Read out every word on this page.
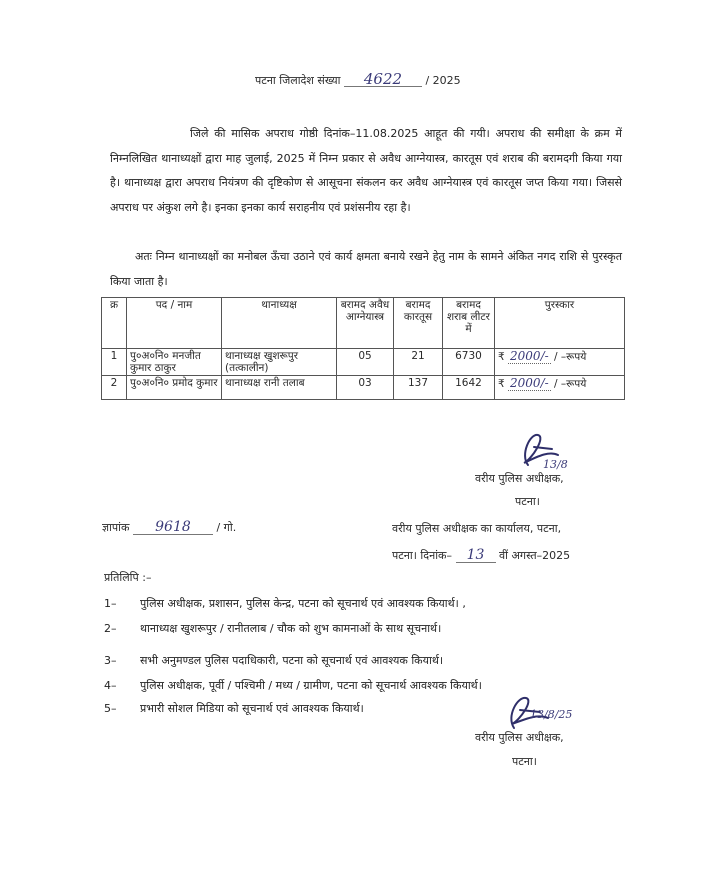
पटना जिलादेश संख्या 4622 / 2025
जिले की मासिक अपराध गोष्ठी दिनांक–11.08.2025 आहूत की गयी। अपराध की समीक्षा के क्रम में निम्नलिखित थानाध्यक्षों द्वारा माह जुलाई, 2025 में निम्न प्रकार से अवैध आग्नेयास्त्र, कारतूस एवं शराब की बरामदगी किया गया है। थानाध्यक्ष द्वारा अपराध नियंत्रण की दृष्टिकोण से आसूचना संकलन कर अवैध आग्नेयास्त्र एवं कारतूस जप्त किया गया। जिससे अपराध पर अंकुश लगे है। इनका इनका कार्य सराहनीय एवं प्रशंसनीय रहा है।
अतः निम्न थानाध्यक्षों का मनोबल ऊँचा उठाने एवं कार्य क्षमता बनाये रखने हेतु नाम के सामने अंकित नगद राशि से पुरस्कृत किया जाता है।
क्र	पद / नाम	थानाध्यक्ष	बरामद अवैध आग्नेयास्त्र	बरामद कारतूस	बरामद शराब लीटर में	पुरस्कार
1	पु०अ०नि० मनजीत कुमार ठाकुर	थानाध्यक्ष खुशरूपुर (तत्कालीन)	05	21	6730	₹ 2000/- / –रूपये
2	पु०अ०नि० प्रमोद कुमार	थानाध्यक्ष रानी तलाब	03	137	1642	₹ 2000/- / –रूपये
13/8
वरीय पुलिस अधीक्षक,
पटना।
ज्ञापांक 9618 / गो.	वरीय पुलिस अधीक्षक का कार्यालय, पटना,
पटना। दिनांक– 13 वीं अगस्त–2025
प्रतिलिपि :–
1–	पुलिस अधीक्षक, प्रशासन, पुलिस केन्द्र, पटना को सूचनार्थ एवं आवश्यक कियार्थ। ,
2–	थानाध्यक्ष खुशरूपुर / रानीतलाब / चौक को शुभ कामनाओं के साथ सूचनार्थ।
3–	सभी अनुमण्डल पुलिस पदाधिकारी, पटना को सूचनार्थ एवं आवश्यक कियार्थ।
4–	पुलिस अधीक्षक, पूर्वी / पश्चिमी / मध्य / ग्रामीण, पटना को सूचनार्थ आवश्यक कियार्थ।
5–	प्रभारी सोशल मिडिया को सूचनार्थ एवं आवश्यक कियार्थ।	13/8/25
वरीय पुलिस अधीक्षक,
पटना।
